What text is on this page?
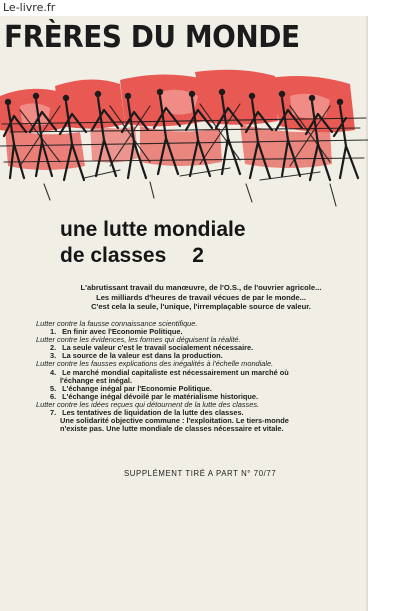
Le-livre.fr
FRÈRES DU MONDE
une lutte mondiale
de classes 2
L'abrutissant travail du manœuvre, de l'O.S., de l'ouvrier agricole...
Les milliards d'heures de travail vécues de par le monde...
C'est cela la seule, l'unique, l'irremplaçable source de valeur.
Lutter contre la fausse connaissance scientifique.
1. En finir avec l'Economie Politique.
Lutter contre les évidences, les formes qui déguisent la réalité.
2. La seule valeur c'est le travail socialement nécessaire.
3. La source de la valeur est dans la production.
Lutter contre les fausses explications des inégalités à l'échelle mondiale.
4. Le marché mondial capitaliste est nécessairement un marché où
l'échange est inégal.
5. L'échange inégal par l'Economie Politique.
6. L'échange inégal dévoilé par le matérialisme historique.
Lutter contre les idées reçues qui détournent de la lutte des classes.
7. Les tentatives de liquidation de la lutte des classes.
Une solidarité objective commune : l'exploitation. Le tiers-monde
n'existe pas. Une lutte mondiale de classes nécessaire et vitale.
SUPPLÉMENT TIRÉ A PART N° 70/77
